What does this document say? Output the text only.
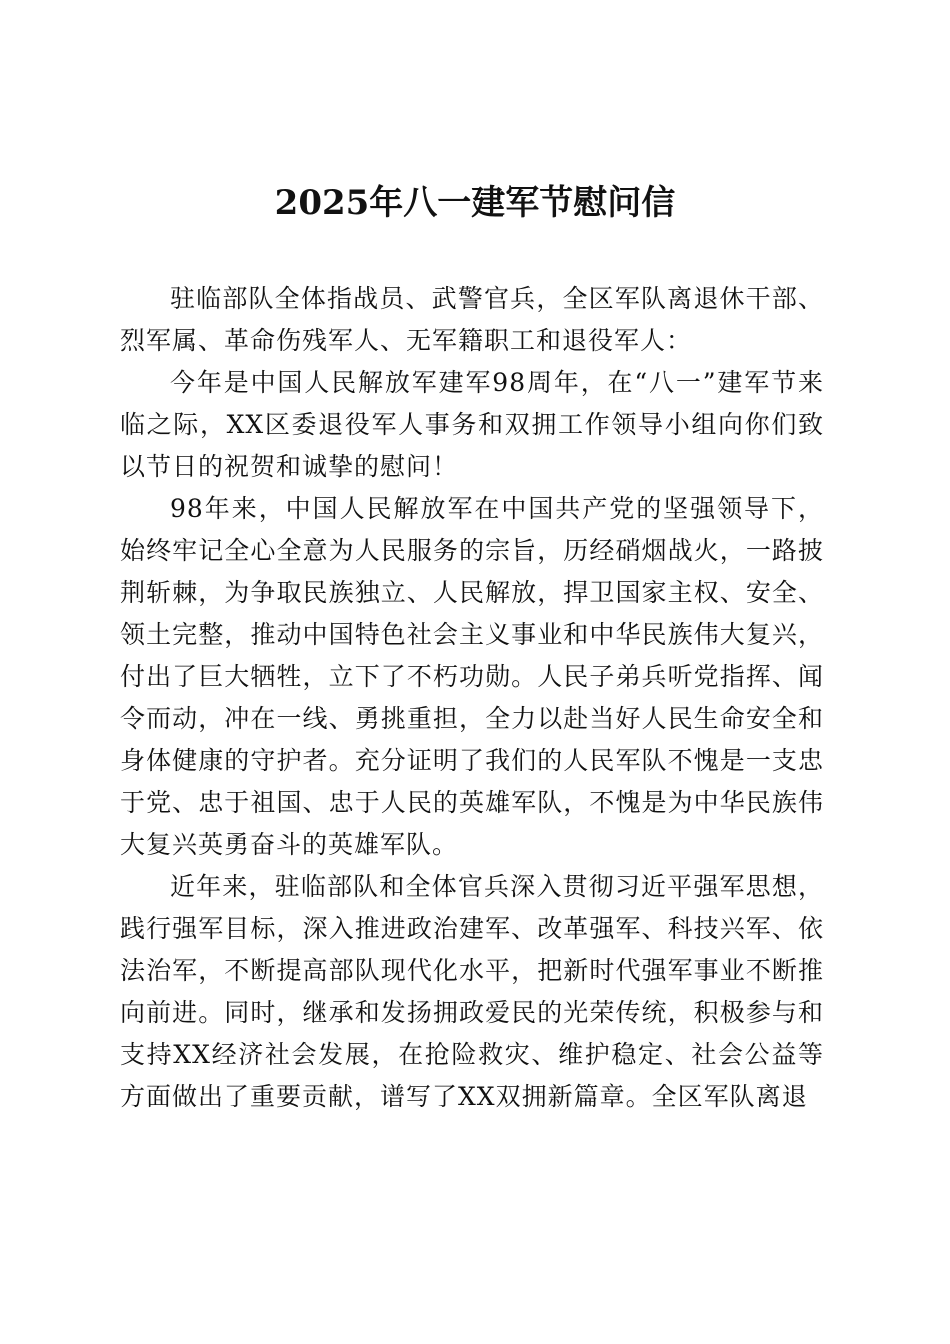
2025年八一建军节慰问信

驻临部队全体指战员、武警官兵，全区军队离退休干部、烈军属、革命伤残军人、无军籍职工和退役军人：

今年是中国人民解放军建军98周年，在“八一”建军节来临之际，XX区委退役军人事务和双拥工作领导小组向你们致以节日的祝贺和诚挚的慰问！

98年来，中国人民解放军在中国共产党的坚强领导下，始终牢记全心全意为人民服务的宗旨，历经硝烟战火，一路披荆斩棘，为争取民族独立、人民解放，捍卫国家主权、安全、领土完整，推动中国特色社会主义事业和中华民族伟大复兴，付出了巨大牺牲，立下了不朽功勋。人民子弟兵听党指挥、闻令而动，冲在一线、勇挑重担，全力以赴当好人民生命安全和身体健康的守护者。充分证明了我们的人民军队不愧是一支忠于党、忠于祖国、忠于人民的英雄军队，不愧是为中华民族伟大复兴英勇奋斗的英雄军队。

近年来，驻临部队和全体官兵深入贯彻习近平强军思想，践行强军目标，深入推进政治建军、改革强军、科技兴军、依法治军，不断提高部队现代化水平，把新时代强军事业不断推向前进。同时，继承和发扬拥政爱民的光荣传统，积极参与和支持XX经济社会发展，在抢险救灾、维护稳定、社会公益等方面做出了重要贡献，谱写了XX双拥新篇章。全区军队离退
